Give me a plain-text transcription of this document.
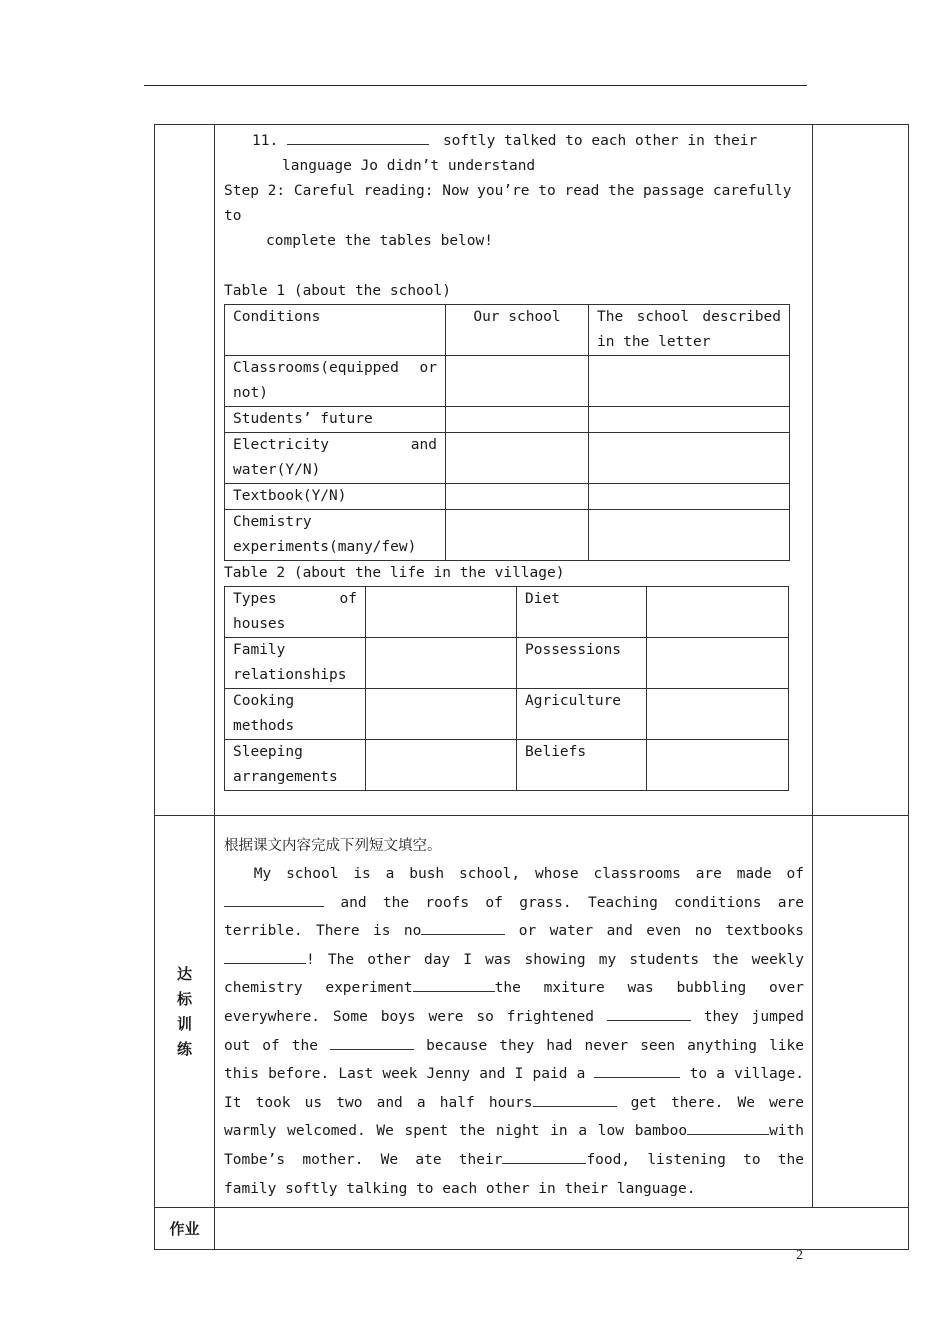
11.	softly talked to each other in their
language Jo didn’t understand
Step 2: Careful reading: Now you’re to read the passage carefully to
complete the tables below!
Table 1 (about the school)
Conditions	Our school	The school described in the letter
Classrooms(equipped or not)		
Students’ future		
Electricity and water(Y/N)		
Textbook(Y/N)		
Chemistry experiments(many/few)		
Table 2 (about the life in the village)
Types of houses		Diet	
Family relationships		Possessions	
Cooking methods		Agriculture	
Sleeping arrangements		Beliefs	

达标训练

根据课文内容完成下列短文填空。
My school is a bush school, whose classrooms are made of  and the roofs of grass. Teaching conditions are terrible. There is no	or water and even no textbooks ! The other day I was showing my students the weekly chemistry experiment	the mxiture was bubbling over everywhere. Some boys were so frightened	they jumped out of the	because they had never seen anything like this before. Last week Jenny and I paid a	to a village. It took us two and a half hours	get there. We were warmly welcomed. We spent the night in a low bamboo	with Tombe’s mother. We ate their	food, listening to the family softly talking to each other in their language.

作业	
2
